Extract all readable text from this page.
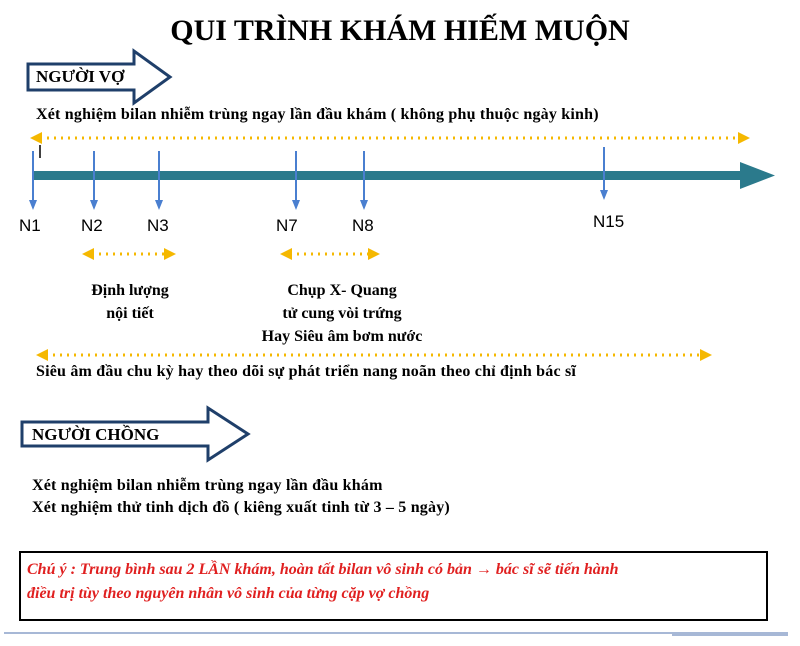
QUI TRÌNH KHÁM HIẾM MUỘN
NGƯỜI VỢ
Xét nghiệm bilan nhiễm trùng ngay lần đầu khám ( không phụ thuộc ngày kinh)
N1 N2	N3	N7	N8	N15
Định lượng
nội tiết
Chụp X- Quang
tử cung vòi trứng
Hay Siêu âm bơm nước
Siêu âm đầu chu kỳ hay theo dõi sự phát triển nang noãn theo chỉ định bác sĩ
NGƯỜI CHỒNG
Xét nghiệm bilan nhiễm trùng ngay lần đầu khám
Xét nghiệm thử tinh dịch đồ ( kiêng xuất tinh từ 3 – 5 ngày)
Chú ý : Trung bình sau 2 LẦN khám, hoàn tất bilan vô sinh có bản → bác sĩ sẽ tiến hành
điều trị tùy theo nguyên nhân vô sinh của từng cặp vợ chồng
